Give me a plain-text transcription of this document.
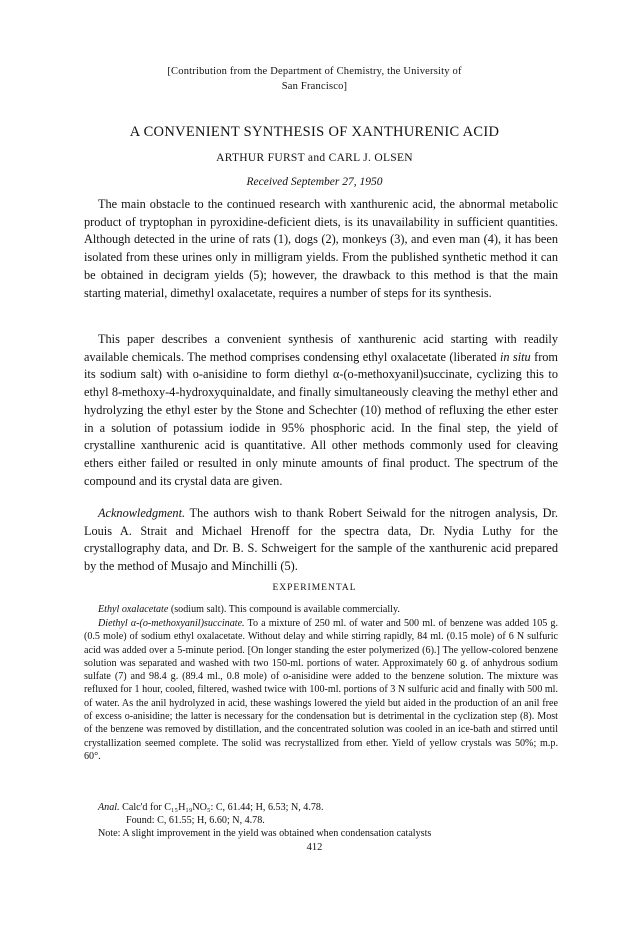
[Contribution from the Department of Chemistry, the University of
San Francisco]
A CONVENIENT SYNTHESIS OF XANTHURENIC ACID
ARTHUR FURST and CARL J. OLSEN
Received September 27, 1950

The main obstacle to the continued research with xanthurenic acid, the abnormal metabolic product of tryptophan in pyroxidine-deficient diets, is its unavailability in sufficient quantities. Although detected in the urine of rats (1), dogs (2), monkeys (3), and even man (4), it has been isolated from these urines only in milligram yields. From the published synthetic method it can be obtained in decigram yields (5); however, the drawback to this method is that the main starting material, dimethyl oxalacetate, requires a number of steps for its synthesis.

This paper describes a convenient synthesis of xanthurenic acid starting with readily available chemicals. The method comprises condensing ethyl oxalacetate (liberated in situ from its sodium salt) with o-anisidine to form diethyl α-(o-methoxyanil)succinate, cyclizing this to ethyl 8-methoxy-4-hydroxyquinaldate, and finally simultaneously cleaving the methyl ether and hydrolyzing the ethyl ester by the Stone and Schechter (10) method of refluxing the ether ester in a solution of potassium iodide in 95% phosphoric acid. In the final step, the yield of crystalline xanthurenic acid is quantitative. All other methods commonly used for cleaving ethers either failed or resulted in only minute amounts of final product. The spectrum of the compound and its crystal data are given.

Acknowledgment. The authors wish to thank Robert Seiwald for the nitrogen analysis, Dr. Louis A. Strait and Michael Hrenoff for the spectra data, Dr. Nydia Luthy for the crystallography data, and Dr. B. S. Schweigert for the sample of the xanthurenic acid prepared by the method of Musajo and Minchilli (5).

EXPERIMENTAL

Ethyl oxalacetate (sodium salt). This compound is available commercially.

Diethyl α-(o-methoxyanil)succinate. To a mixture of 250 ml. of water and 500 ml. of benzene was added 105 g. (0.5 mole) of sodium ethyl oxalacetate. Without delay and while stirring rapidly, 84 ml. (0.15 mole) of 6 N sulfuric acid was added over a 5-minute period. [On longer standing the ester polymerized (6).] The yellow-colored benzene solution was separated and washed with two 150-ml. portions of water. Approximately 60 g. of anhydrous sodium sulfate (7) and 98.4 g. (89.4 ml., 0.8 mole) of o-anisidine were added to the benzene solution. The mixture was refluxed for 1 hour, cooled, filtered, washed twice with 100-ml. portions of 3 N sulfuric acid and finally with 500 ml. of water. As the anil hydrolyzed in acid, these washings lowered the yield but aided in the production of an anil free of excess o-anisidine; the latter is necessary for the condensation but is detrimental in the cyclization step (8). Most of the benzene was removed by distillation, and the concentrated solution was cooled in an ice-bath and stirred until crystallization seemed complete. The solid was recrystallized from ether. Yield of yellow crystals was 50%; m.p. 60°.

Anal. Calc'd for C₁₅H₁₉NO₅: C, 61.44; H, 6.53; N, 4.78.

Found: C, 61.55; H, 6.60; N, 4.78.

Note: A slight improvement in the yield was obtained when condensation catalysts

412
